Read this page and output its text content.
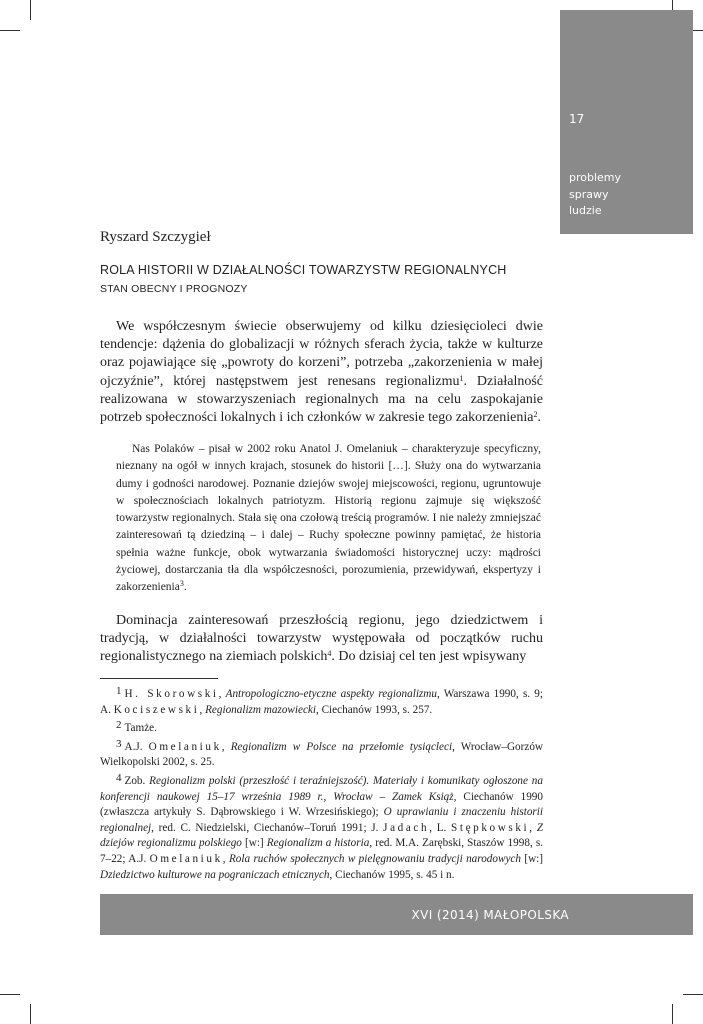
17
problemy
sprawy
ludzie
Ryszard Szczygieł
ROLA HISTORII W DZIAŁALNOŚCI TOWARZYSTW REGIONALNYCH
STAN OBECNY I PROGNOZY

We współczesnym świecie obserwujemy od kilku dziesięcioleci dwie tendencje: dążenia do globalizacji w różnych sferach życia, także w kulturze oraz pojawiające się „powroty do korzeni”, potrzeba „zakorzenienia w małej ojczyźnie”, której następstwem jest renesans regionalizmu$^1$. Działalność realizowana w stowarzyszeniach regionalnych ma na celu zaspokajanie potrzeb społeczności lokalnych i ich członków w zakresie tego zakorzenienia$^2$.

Nas Polaków – pisał w 2002 roku Anatol J. Omelaniuk – charakteryzuje specyficzny, nieznany na ogół w innych krajach, stosunek do historii […]. Służy ona do wytwarzania dumy i godności narodowej. Poznanie dziejów swojej miejscowości, regionu, ugruntowuje w społecznościach lokalnych patriotyzm. Historią regionu zajmuje się większość towarzystw regionalnych. Stała się ona czołową treścią programów. I nie należy zmniejszać zainteresowań tą dziedziną – i dalej – Ruchy społeczne powinny pamiętać, że historia spełnia ważne funkcje, obok wytwarzania świadomości historycznej uczy: mądrości życiowej, dostarczania tła dla współczesności, porozumienia, przewidywań, ekspertyzy i zakorzenienia$^3$.

Dominacja zainteresowań przeszłością regionu, jego dziedzictwem i tradycją, w działalności towarzystw występowała od początków ruchu regionalistycznego na ziemiach polskich$^4$. Do dzisiaj cel ten jest wpisywany

1 H. Skorowski, Antropologiczno-etyczne aspekty regionalizmu, Warszawa 1990, s. 9; A. Kociszewski, Regionalizm mazowiecki, Ciechanów 1993, s. 257.

2 Tamże.

3 A.J. Omelaniuk, Regionalizm w Polsce na przełomie tysiącleci, Wrocław–Gorzów Wielkopolski 2002, s. 25.

4 Zob. Regionalizm polski (przeszłość i teraźniejszość). Materiały i komunikaty ogłoszone na konferencji naukowej 15–17 września 1989 r., Wrocław – Zamek Książ, Ciechanów 1990 (zwłaszcza artykuły S. Dąbrowskiego i W. Wrzesińskiego); O uprawianiu i znaczeniu historii regionalnej, red. C. Niedzielski, Ciechanów–Toruń 1991; J. Jadach, L. Stępkowski, Z dziejów regionalizmu polskiego [w:] Regionalizm a historia, red. M.A. Zarębski, Staszów 1998, s. 7–22; A.J. Omelaniuk, Rola ruchów społecznych w pielęgnowaniu tradycji narodowych [w:] Dziedzictwo kulturowe na pograniczach etnicznych, Ciechanów 1995, s. 45 i n.

XVI (2014) MAŁOPOLSKA
